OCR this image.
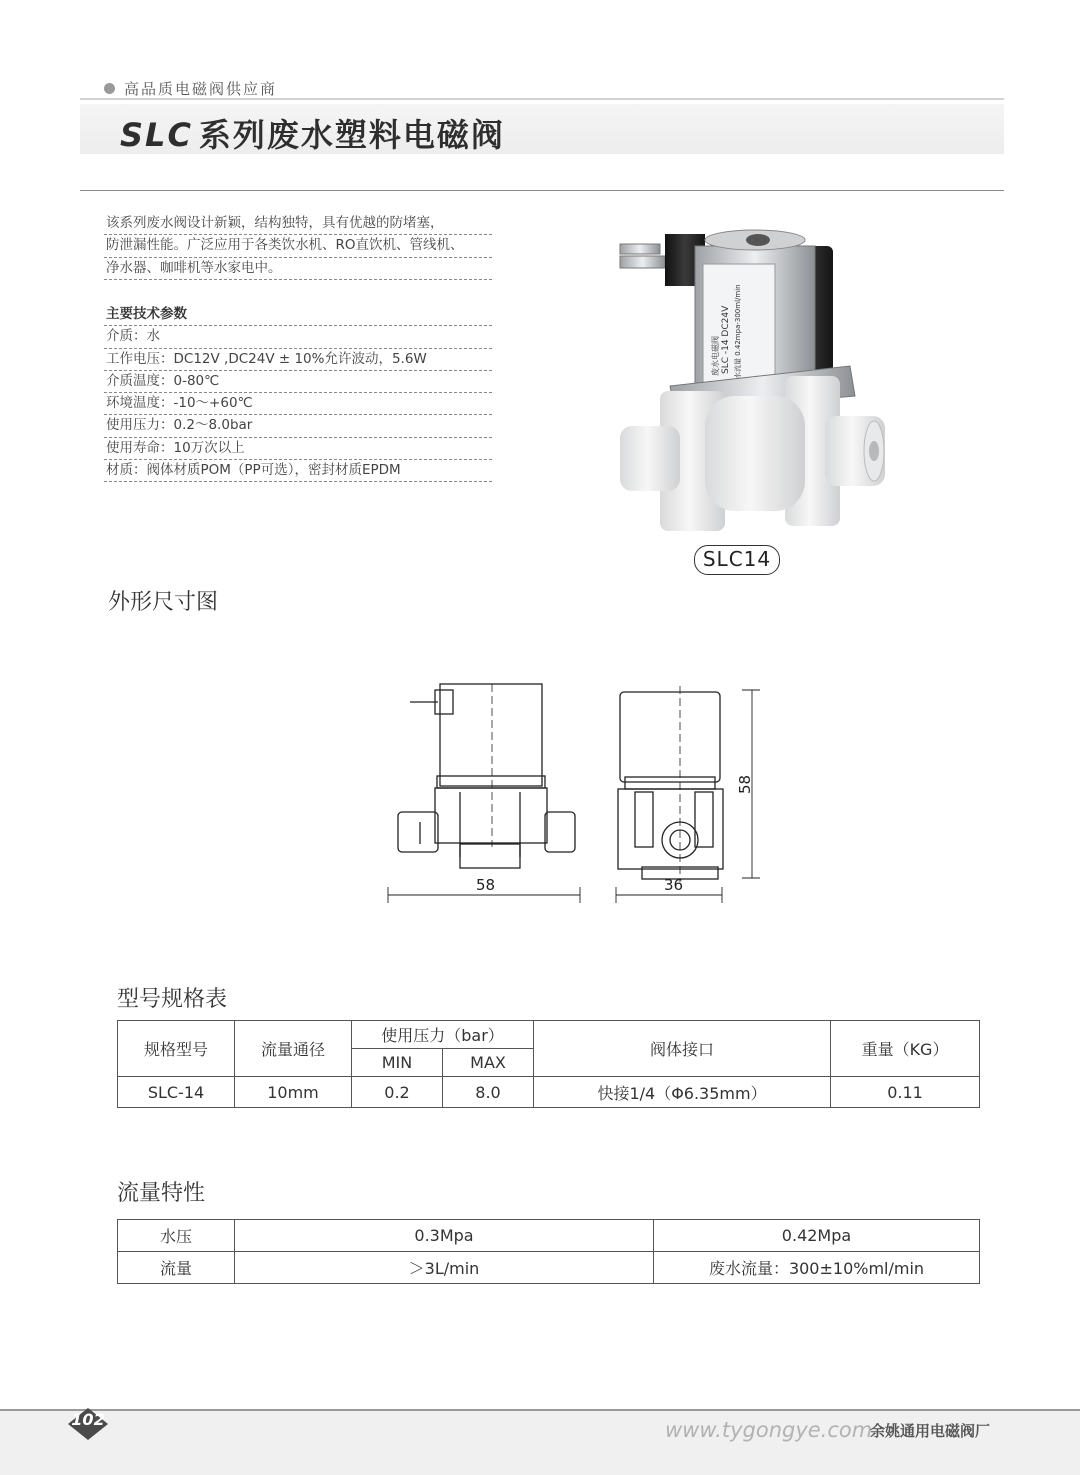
高品质电磁阀供应商
SLC 系列废水塑料电磁阀
该系列废水阀设计新颖，结构独特，具有优越的防堵塞，
防泄漏性能。广泛应用于各类饮水机、RO直饮机、管线机、
净水器、咖啡机等水家电中。
主要技术参数
介质：水
工作电压：DC12V ,DC24V ± 10%允许波动，5.6W
介质温度：0-80℃
环境温度：-10～+60℃
使用压力：0.2～8.0bar
使用寿命：10万次以上
材质：阀体材质POM（PP可选），密封材质EPDM
SLC -14 DC24V
废水电磁阀 废水流量 0.42mpa-300ml/min
SLC14
外形尺寸图
58	36
58
型号规格表
规格型号	流量通径	使用压力（bar）		阀体接口	重量（KG）
		MIN	MAX		
SLC-14	10mm	0.2	8.0	快接1/4（Φ6.35mm）	0.11
流量特性
水压	0.3Mpa	0.42Mpa
流量	＞3L/min	废水流量：300±10%ml/min
102	www.tygongye.com
余姚通用电磁阀厂
